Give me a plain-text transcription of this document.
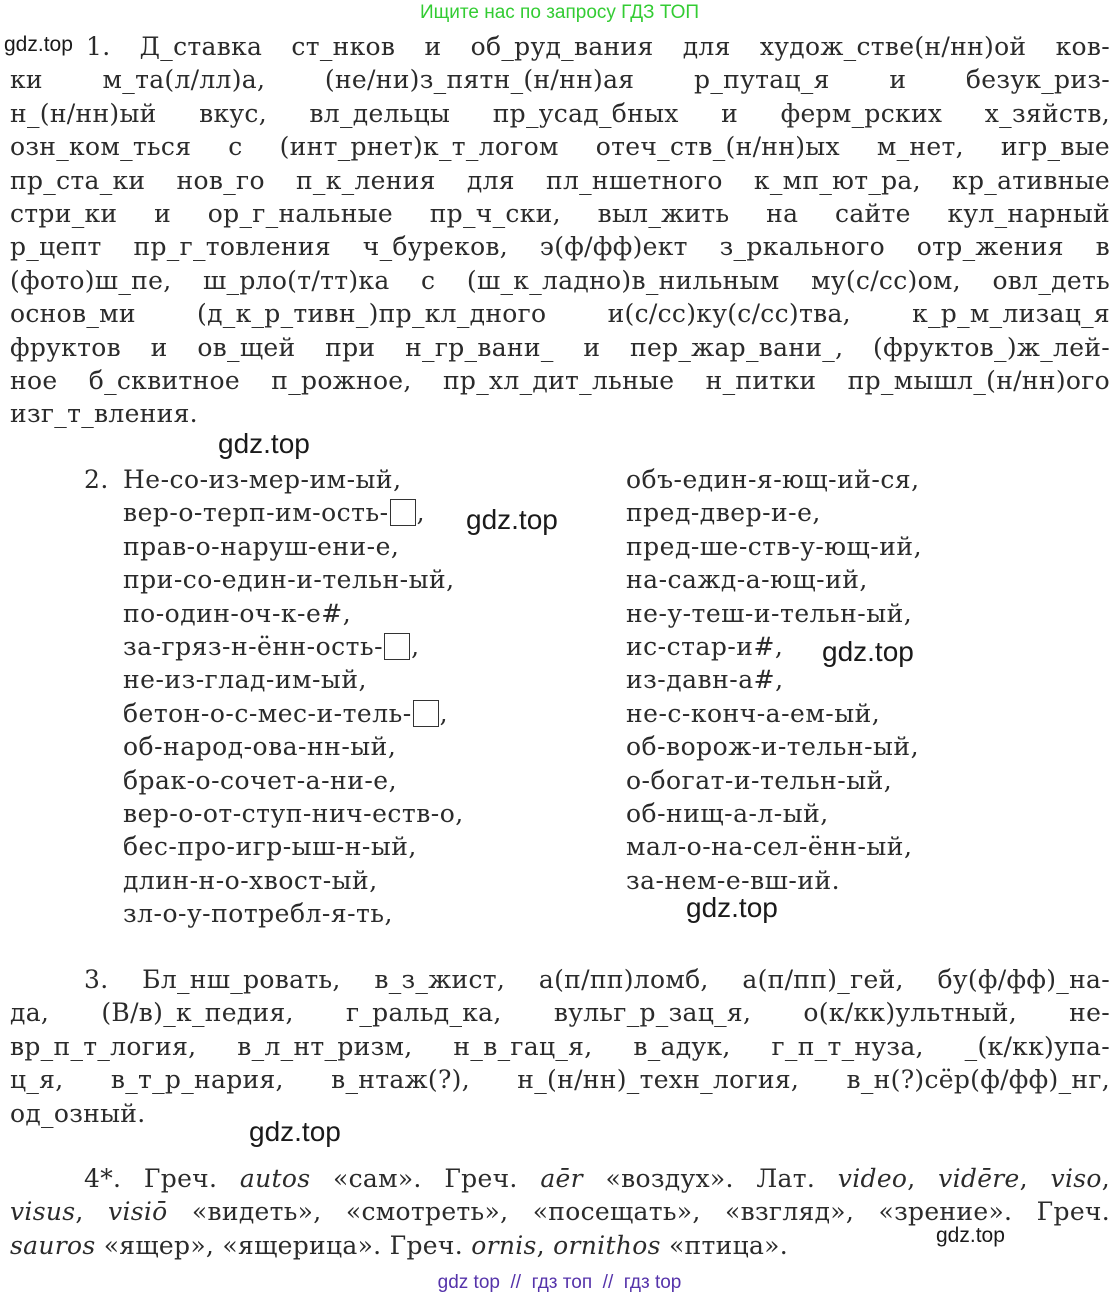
Ищите нас по запросу ГДЗ ТОП
1. Д_ставка ст_нков и об_руд_вания для худож_стве(н/нн)ой ков-
ки м_та(л/лл)а, (не/ни)з_пятн_(н/нн)ая р_путац_я и безук_риз-
н_(н/нн)ый вкус, вл_дельцы пр_усад_бных и ферм_рских х_зяйств,
озн_ком_ться с (инт_рнет)к_т_логом отеч_ств_(н/нн)ых м_нет, игр_вые
пр_ста_ки нов_го п_к_ления для пл_ншетного к_мп_ют_ра, кр_ативные
стри_ки и ор_г_нальные пр_ч_ски, выл_жить на сайте кул_нарный
р_цепт пр_г_товления ч_буреков, э(ф/фф)ект з_ркального отр_жения в
(фото)ш_пе, ш_рло(т/тт)ка с (ш_к_ладно)в_нильным му(с/сс)ом, овл_деть
основ_ми (д_к_р_тивн_)пр_кл_дного и(с/сс)ку(с/сс)тва, к_р_м_лизац_я
фруктов и ов_щей при н_гр_вани_ и пер_жар_вани_, (фруктов_)ж_лей-
ное б_сквитное п_рожное, пр_хл_дит_льные н_питки пр_мышл_(н/нн)ого
изг_т_вления.
gdz.top
gdz.top
2. Не-со-из-мер-им-ый,
вер-о-терп-им-ость- ,
прав-о-наруш-ени-е,
при-со-един-и-тельн-ый,
по-один-оч-к-е#,
за-гряз-н-ённ-ость- ,
не-из-глад-им-ый,
бетон-о-с-мес-и-тель- ,
об-народ-ова-нн-ый,
брак-о-сочет-а-ни-е,
вер-о-от-ступ-нич-еств-о,
бес-про-игр-ыш-н-ый,
длин-н-о-хвост-ый,
зл-о-у-потребл-я-ть,
объ-един-я-ющ-ий-ся,
пред-двер-и-е,
пред-ше-ств-у-ющ-ий,
на-сажд-а-ющ-ий,
не-у-теш-и-тельн-ый,
ис-стар-и#,
из-давн-а#,
не-с-конч-а-ем-ый,
об-ворож-и-тельн-ый,
о-богат-и-тельн-ый,
об-нищ-а-л-ый,
мал-о-на-сел-ённ-ый,
за-нем-е-вш-ий.
gdz.top
gdz.top
gdz.top
3. Бл_нш_ровать, в_з_жист, а(п/пп)ломб, а(п/пп)_гей, бу(ф/фф)_на-
да, (В/в)_к_педия, г_ральд_ка, вульг_р_зац_я, о(к/кк)ультный, не-
вр_п_т_логия, в_л_нт_ризм, н_в_гац_я, в_адук, г_п_т_нуза, _(к/кк)упа-
ц_я, в_т_р_нария, в_нтаж(?), н_(н/нн)_техн_логия, в_н(?)сёр(ф/фф)_нг,
од_озный.
gdz.top
4*. Греч. autos «сам». Греч. aēr «воздух». Лат. video, vidēre, viso,
visus, visiō «видеть», «смотреть», «посещать», «взгляд», «зрение». Греч.
sauros «ящер», «ящерица». Греч. ornis, ornithos «птица».	gdz.top
gdz top  //  гдз топ  //  гдз top
